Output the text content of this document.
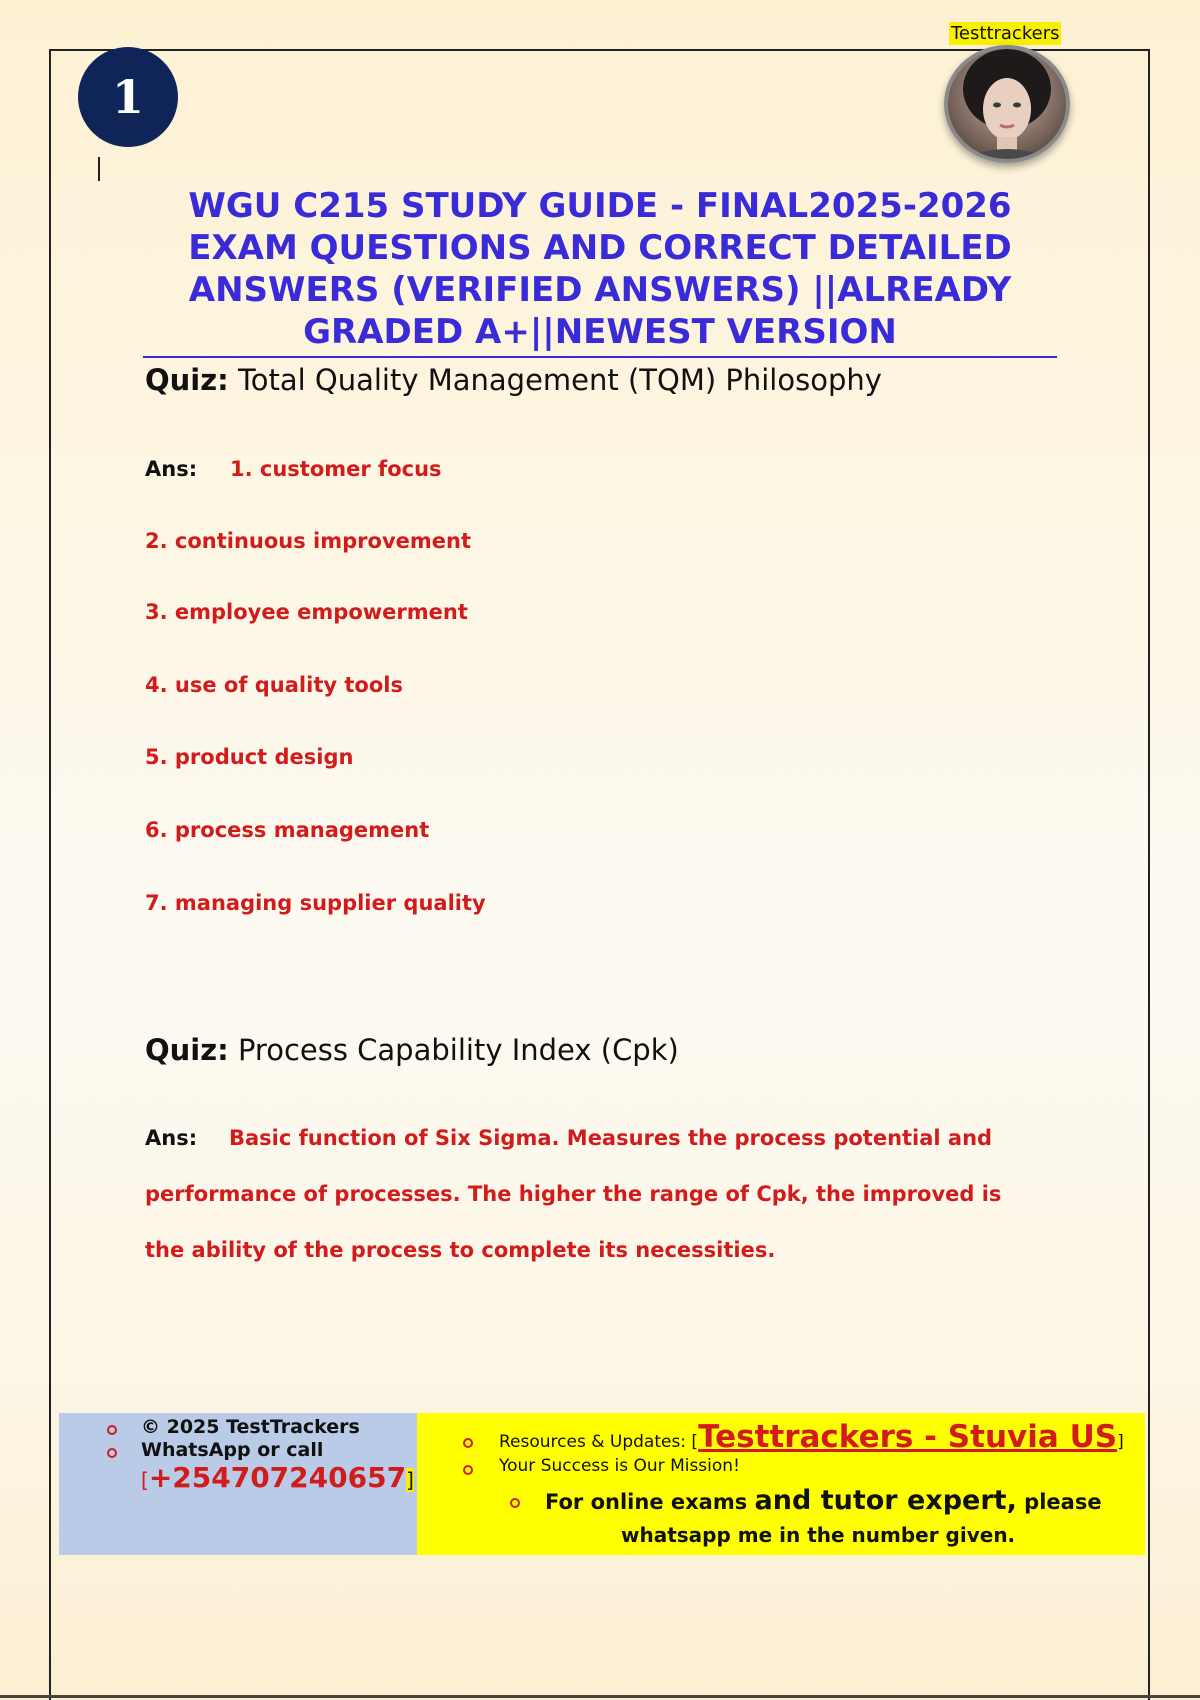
Testtrackers
1
WGU C215 STUDY GUIDE - FINAL2025-2026 EXAM QUESTIONS AND CORRECT DETAILED ANSWERS (VERIFIED ANSWERS) ||ALREADY GRADED A+||NEWEST VERSION
Quiz: Total Quality Management (TQM) Philosophy
Ans: 1. customer focus
2. continuous improvement
3. employee empowerment
4. use of quality tools
5. product design
6. process management
7. managing supplier quality
Quiz: Process Capability Index (Cpk)
Ans:	Basic function of Six Sigma. Measures the process potential and performance of processes. The higher the range of Cpk, the improved is the ability of the process to complete its necessities.
© 2025 TestTrackers
WhatsApp or call
[+254707240657]
Resources & Updates: [Testtrackers - Stuvia US]
Your Success is Our Mission!
For online exams and tutor expert, please
whatsapp me in the number given.
